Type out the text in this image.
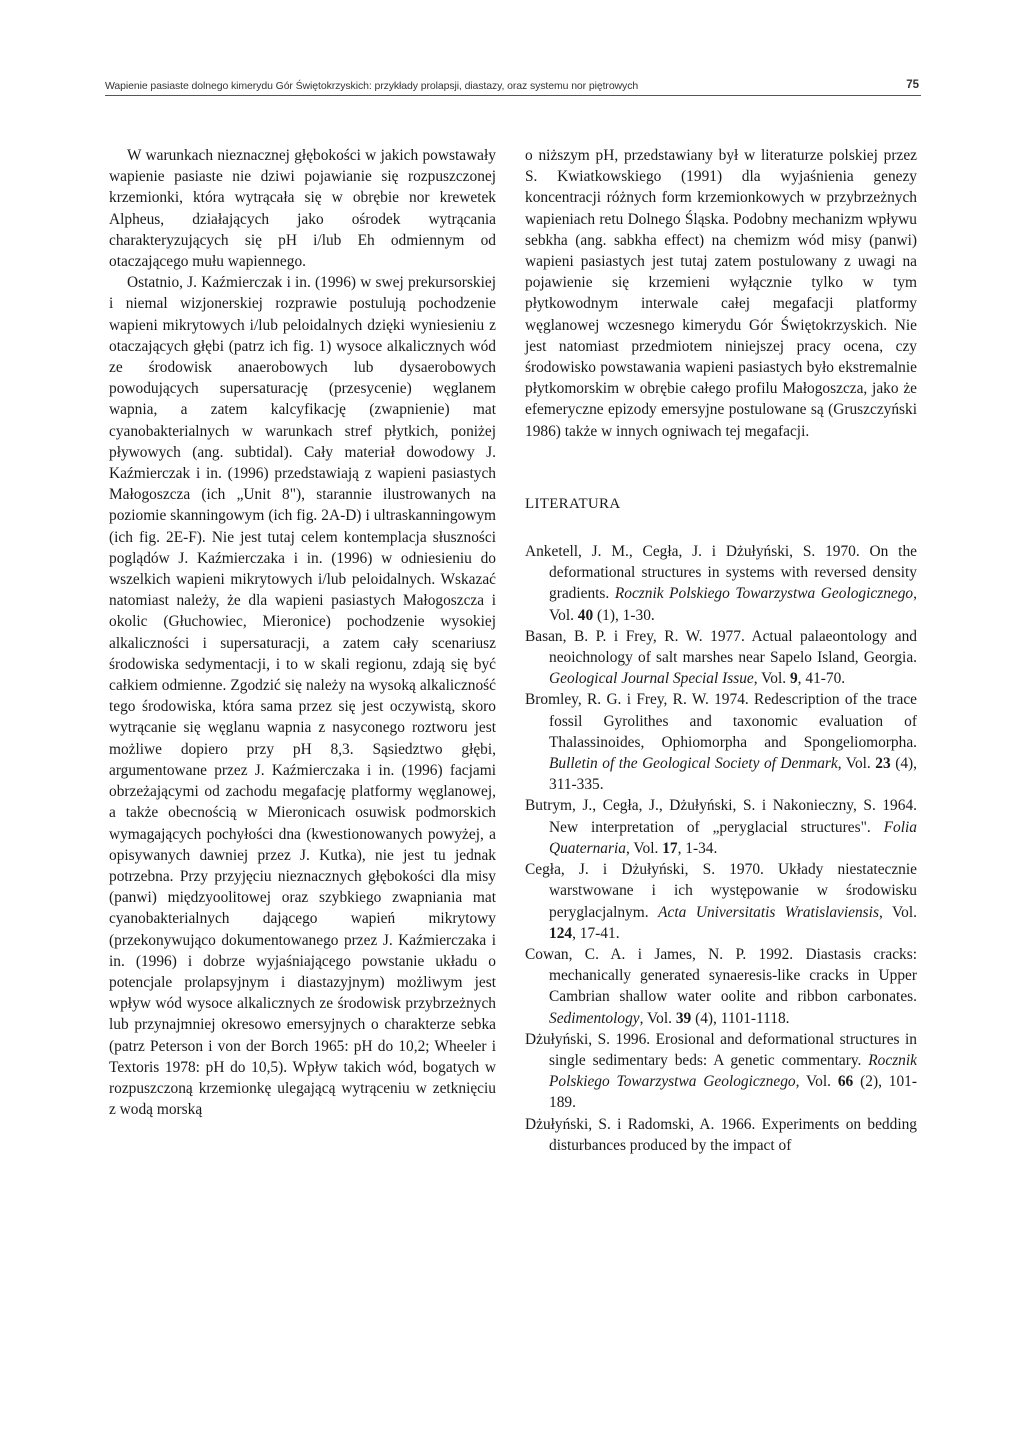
Wapienie pasiaste dolnego kimerydu Gór Świętokrzyskich: przykłady prolapsji, diastazy, oraz systemu nor piętrowych	75

W warunkach nieznacznej głębokości w jakich powstawały wapienie pasiaste nie dziwi pojawianie się rozpuszczonej krzemionki, która wytrącała się w obrębie nor krewetek Alpheus, działających jako ośrodek wytrącania charakteryzujących się pH i/lub Eh odmiennym od otaczającego mułu wapiennego.

Ostatnio, J. Kaźmierczak i in. (1996) w swej prekursorskiej i niemal wizjonerskiej rozprawie postulują pochodzenie wapieni mikrytowych i/lub peloidalnych dzięki wyniesieniu z otaczających głębi (patrz ich fig. 1) wysoce alkalicznych wód ze środowisk anaerobowych lub dysaerobowych powodujących supersaturację (przesycenie) węglanem wapnia, a zatem kalcyfikację (zwapnienie) mat cyanobakterialnych w warunkach stref płytkich, poniżej pływowych (ang. subtidal). Cały materiał dowodowy J. Kaźmierczak i in. (1996) przedstawiają z wapieni pasiastych Małogoszcza (ich „Unit 8"), starannie ilustrowanych na poziomie skanningowym (ich fig. 2A-D) i ultraskanningowym (ich fig. 2E-F). Nie jest tutaj celem kontemplacja słuszności poglądów J. Kaźmierczaka i in. (1996) w odniesieniu do wszelkich wapieni mikrytowych i/lub peloidalnych. Wskazać natomiast należy, że dla wapieni pasiastych Małogoszcza i okolic (Głuchowiec, Mieronice) pochodzenie wysokiej alkaliczności i supersaturacji, a zatem cały scenariusz środowiska sedymentacji, i to w skali regionu, zdają się być całkiem odmienne. Zgodzić się należy na wysoką alkaliczność tego środowiska, która sama przez się jest oczywistą, skoro wytrącanie się węglanu wapnia z nasyconego roztworu jest możliwe dopiero przy pH 8,3. Sąsiedztwo głębi, argumentowane przez J. Kaźmierczaka i in. (1996) facjami obrzeżającymi od zachodu megafację platformy węglanowej, a także obecnością w Mieronicach osuwisk podmorskich wymagających pochyłości dna (kwestionowanych powyżej, a opisywanych dawniej przez J. Kutka), nie jest tu jednak potrzebna. Przy przyjęciu nieznacznych głębokości dla misy (panwi) międzyoolitowej oraz szybkiego zwapniania mat cyanobakterialnych dającego wapień mikrytowy (przekonywująco dokumentowanego przez J. Kaźmierczaka i in. (1996) i dobrze wyjaśniającego powstanie układu o potencjale prolapsyjnym i diastazyjnym) możliwym jest wpływ wód wysoce alkalicznych ze środowisk przybrzeżnych lub przynajmniej okresowo emersyjnych o charakterze sebka (patrz Peterson i von der Borch 1965: pH do 10,2; Wheeler i Textoris 1978: pH do 10,5). Wpływ takich wód, bogatych w rozpuszczoną krzemionkę ulegającą wytrąceniu w zetknięciu z wodą morską

o niższym pH, przedstawiany był w literaturze polskiej przez S. Kwiatkowskiego (1991) dla wyjaśnienia genezy koncentracji różnych form krzemionkowych w przybrzeżnych wapieniach retu Dolnego Śląska. Podobny mechanizm wpływu sebkha (ang. sabkha effect) na chemizm wód misy (panwi) wapieni pasiastych jest tutaj zatem postulowany z uwagi na pojawienie się krzemieni wyłącznie tylko w tym płytkowodnym interwale całej megafacji platformy węglanowej wczesnego kimerydu Gór Świętokrzyskich. Nie jest natomiast przedmiotem niniejszej pracy ocena, czy środowisko powstawania wapieni pasiastych było ekstremalnie płytkomorskim w obrębie całego profilu Małogoszcza, jako że efemeryczne epizody emersyjne postulowane są (Gruszczyński 1986) także w innych ogniwach tej megafacji.

LITERATURA
Anketell, J. M., Cegła, J. i Dżułyński, S. 1970. On the deformational structures in systems with reversed density gradients. Rocznik Polskiego Towarzystwa Geologicznego, Vol. 40 (1), 1-30.
Basan, B. P. i Frey, R. W. 1977. Actual palaeontology and neoichnology of salt marshes near Sapelo Island, Georgia. Geological Journal Special Issue, Vol. 9, 41-70.
Bromley, R. G. i Frey, R. W. 1974. Redescription of the trace fossil Gyrolithes and taxonomic evaluation of Thalassinoides, Ophiomorpha and Spongeliomorpha. Bulletin of the Geological Society of Denmark, Vol. 23 (4), 311-335.
Butrym, J., Cegła, J., Dżułyński, S. i Nakonieczny, S. 1964. New interpretation of „peryglacial structures". Folia Quaternaria, Vol. 17, 1-34.
Cegła, J. i Dżułyński, S. 1970. Układy niestatecznie warstwowane i ich występowanie w środowisku peryglacjalnym. Acta Universitatis Wratislaviensis, Vol. 124, 17-41.
Cowan, C. A. i James, N. P. 1992. Diastasis cracks: mechanically generated synaeresis-like cracks in Upper Cambrian shallow water oolite and ribbon carbonates. Sedimentology, Vol. 39 (4), 1101-1118.
Dżułyński, S. 1996. Erosional and deformational structures in single sedimentary beds: A genetic commentary. Rocznik Polskiego Towarzystwa Geologicznego, Vol. 66 (2), 101-189.
Dżułyński, S. i Radomski, A. 1966. Experiments on bedding disturbances produced by the impact of
